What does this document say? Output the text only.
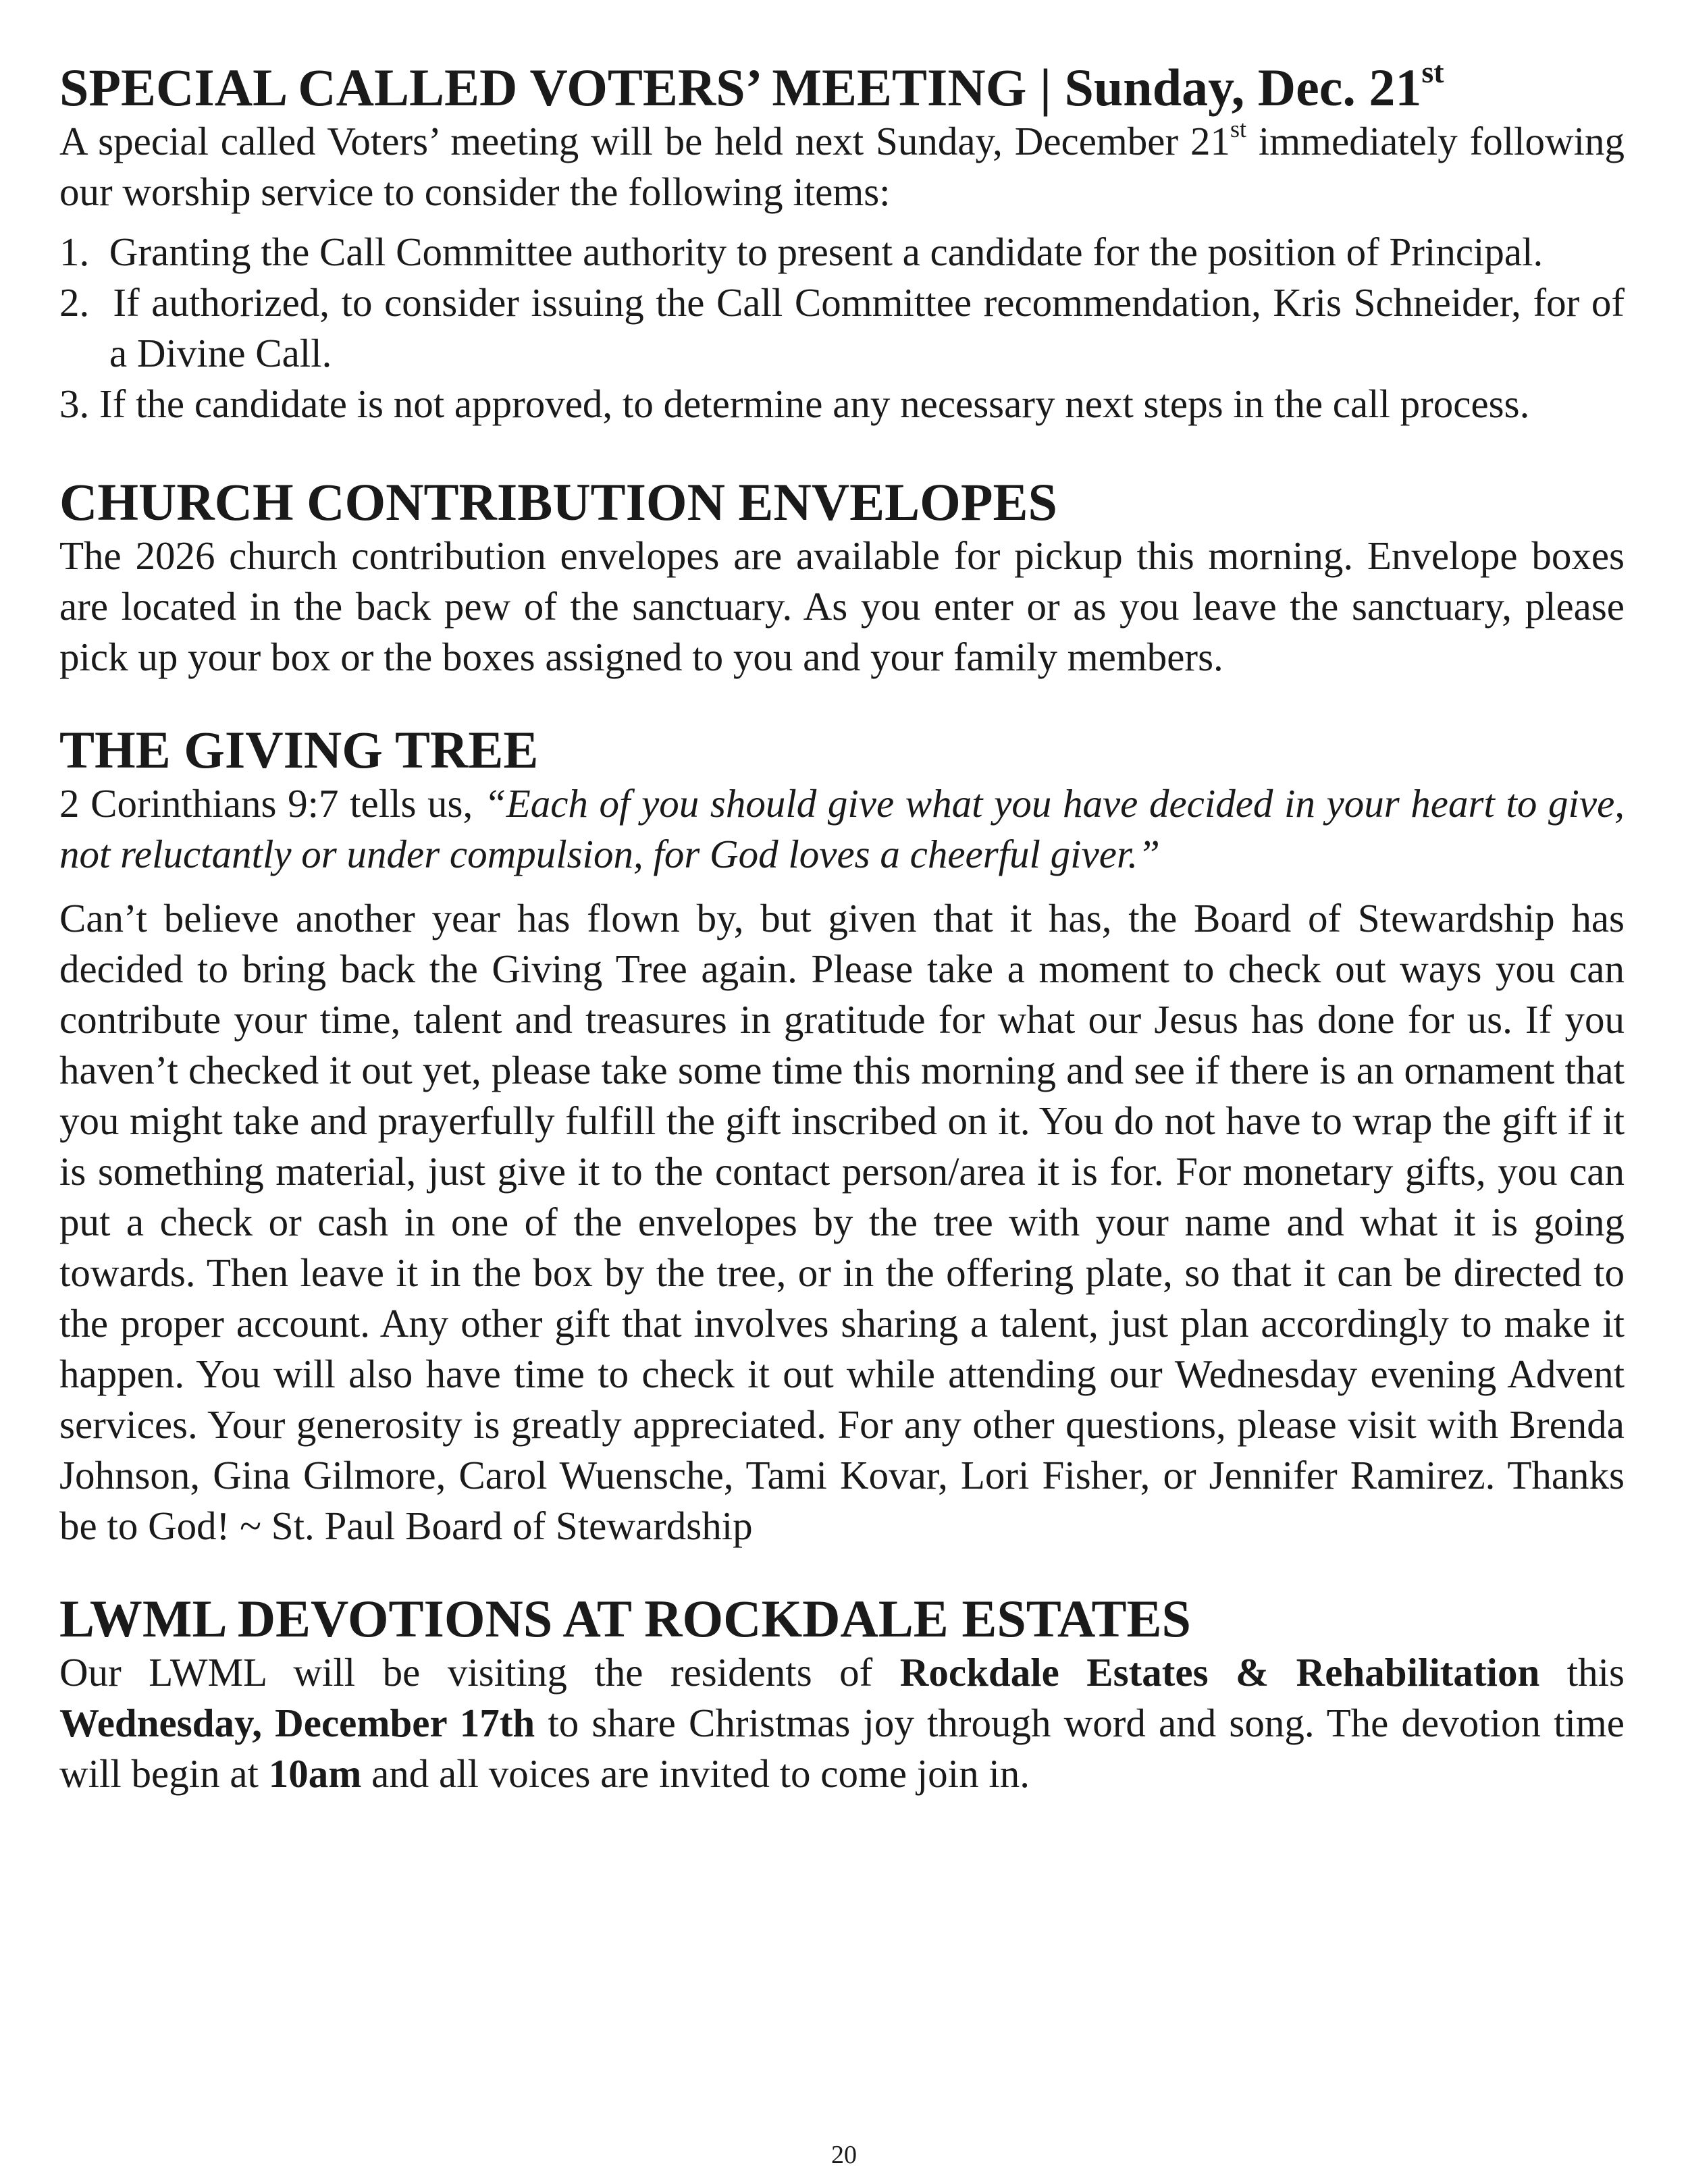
SPECIAL CALLED VOTERS’ MEETING | Sunday, Dec. 21st

A special called Voters’ meeting will be held next Sunday, December 21st immediately following our worship service to consider the following items:

1.  Granting the Call Committee authority to present a candidate for the position of Principal.
2.  If authorized, to consider issuing the Call Committee recommendation, Kris Schneider, for of a Divine Call.
3. If the candidate is not approved, to determine any necessary next steps in the call process.
CHURCH CONTRIBUTION ENVELOPES

The 2026 church contribution envelopes are available for pickup this morning. Envelope boxes are located in the back pew of the sanctuary. As you enter or as you leave the sanctuary, please pick up your box or the boxes assigned to you and your family members.

THE GIVING TREE

2 Corinthians 9:7 tells us, “Each of you should give what you have decided in your heart to give, not reluctantly or under compulsion, for God loves a cheerful giver.”

Can’t believe another year has flown by, but given that it has, the Board of Stewardship has decided to bring back the Giving Tree again. Please take a moment to check out ways you can contribute your time, talent and treasures in gratitude for what our Jesus has done for us. If you haven’t checked it out yet, please take some time this morning and see if there is an ornament that you might take and prayerfully fulfill the gift inscribed on it. You do not have to wrap the gift if it is something material, just give it to the contact person/area it is for. For monetary gifts, you can put a check or cash in one of the envelopes by the tree with your name and what it is going towards. Then leave it in the box by the tree, or in the offering plate, so that it can be directed to the proper account. Any other gift that involves sharing a talent, just plan accordingly to make it happen. You will also have time to check it out while attending our Wednesday evening Advent services. Your generosity is greatly appreciated. For any other questions, please visit with Brenda Johnson, Gina Gilmore, Carol Wuensche, Tami Kovar, Lori Fisher, or Jennifer Ramirez. Thanks be to God! ~ St. Paul Board of Stewardship

LWML DEVOTIONS AT ROCKDALE ESTATES

Our LWML will be visiting the residents of Rockdale Estates & Rehabilitation this Wednesday, December 17th to share Christmas joy through word and song. The devotion time will begin at 10am and all voices are invited to come join in.

20
